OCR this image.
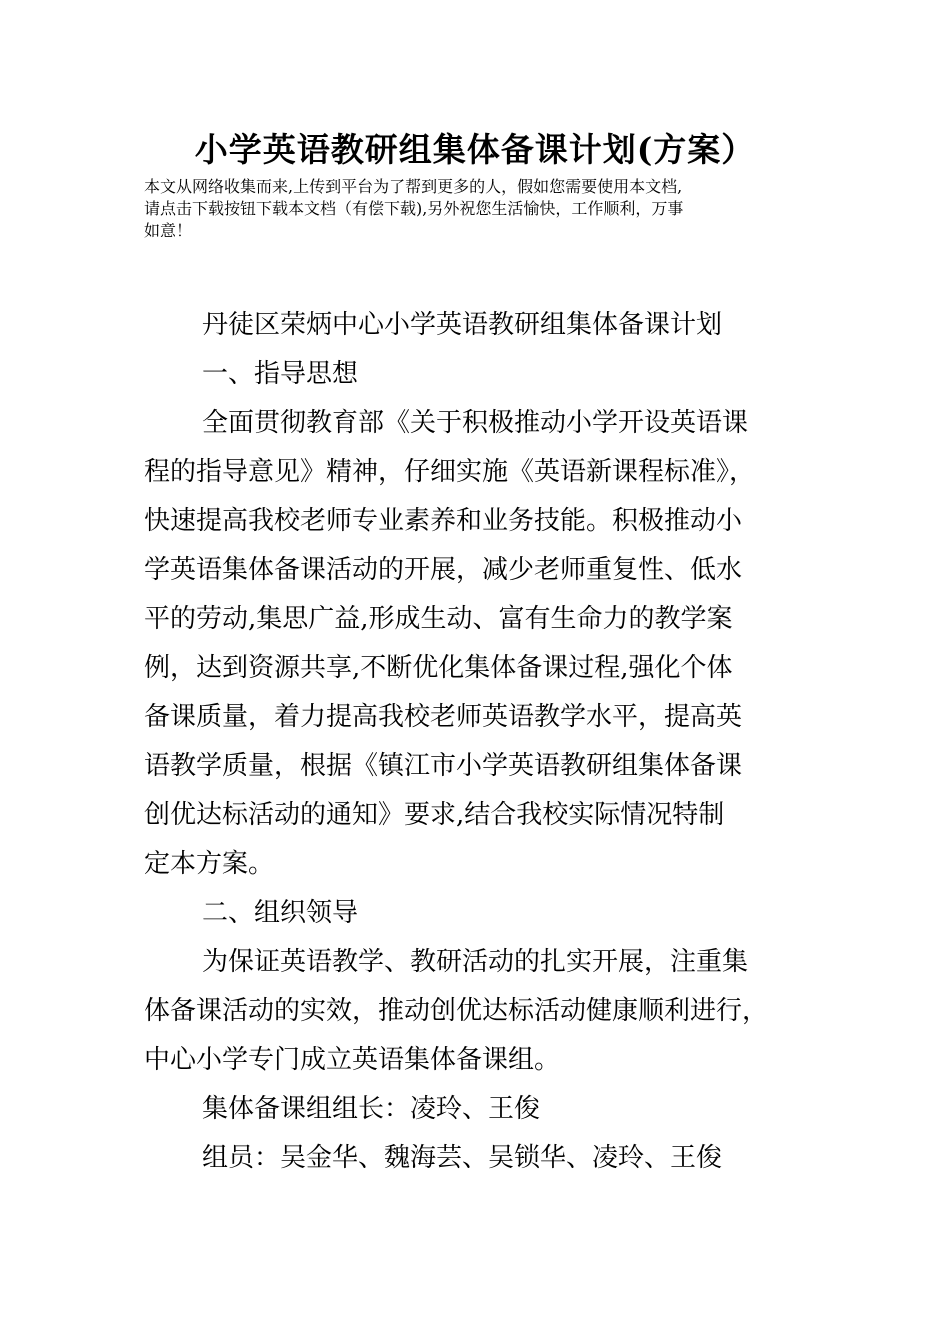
小学英语教研组集体备课计划(方案）
本文从网络收集而来,上传到平台为了帮到更多的人，假如您需要使用本文档,
请点击下载按钮下载本文档（有偿下载),另外祝您生活愉快，工作顺利，万事
如意！
丹徒区荣炳中心小学英语教研组集体备课计划
一、指导思想
全面贯彻教育部《关于积极推动小学开设英语课
程的指导意见》精神，仔细实施《英语新课程标准》，
快速提高我校老师专业素养和业务技能。积极推动小
学英语集体备课活动的开展，减少老师重复性、低水
平的劳动,集思广益,形成生动、富有生命力的教学案
例，达到资源共享,不断优化集体备课过程,强化个体
备课质量，着力提高我校老师英语教学水平，提高英
语教学质量，根据《镇江市小学英语教研组集体备课
创优达标活动的通知》要求,结合我校实际情况特制
定本方案。
二、组织领导
为保证英语教学、教研活动的扎实开展，注重集
体备课活动的实效，推动创优达标活动健康顺利进行，
中心小学专门成立英语集体备课组。
集体备课组组长：凌玲、王俊
组员：吴金华、魏海芸、吴锁华、凌玲、王俊
